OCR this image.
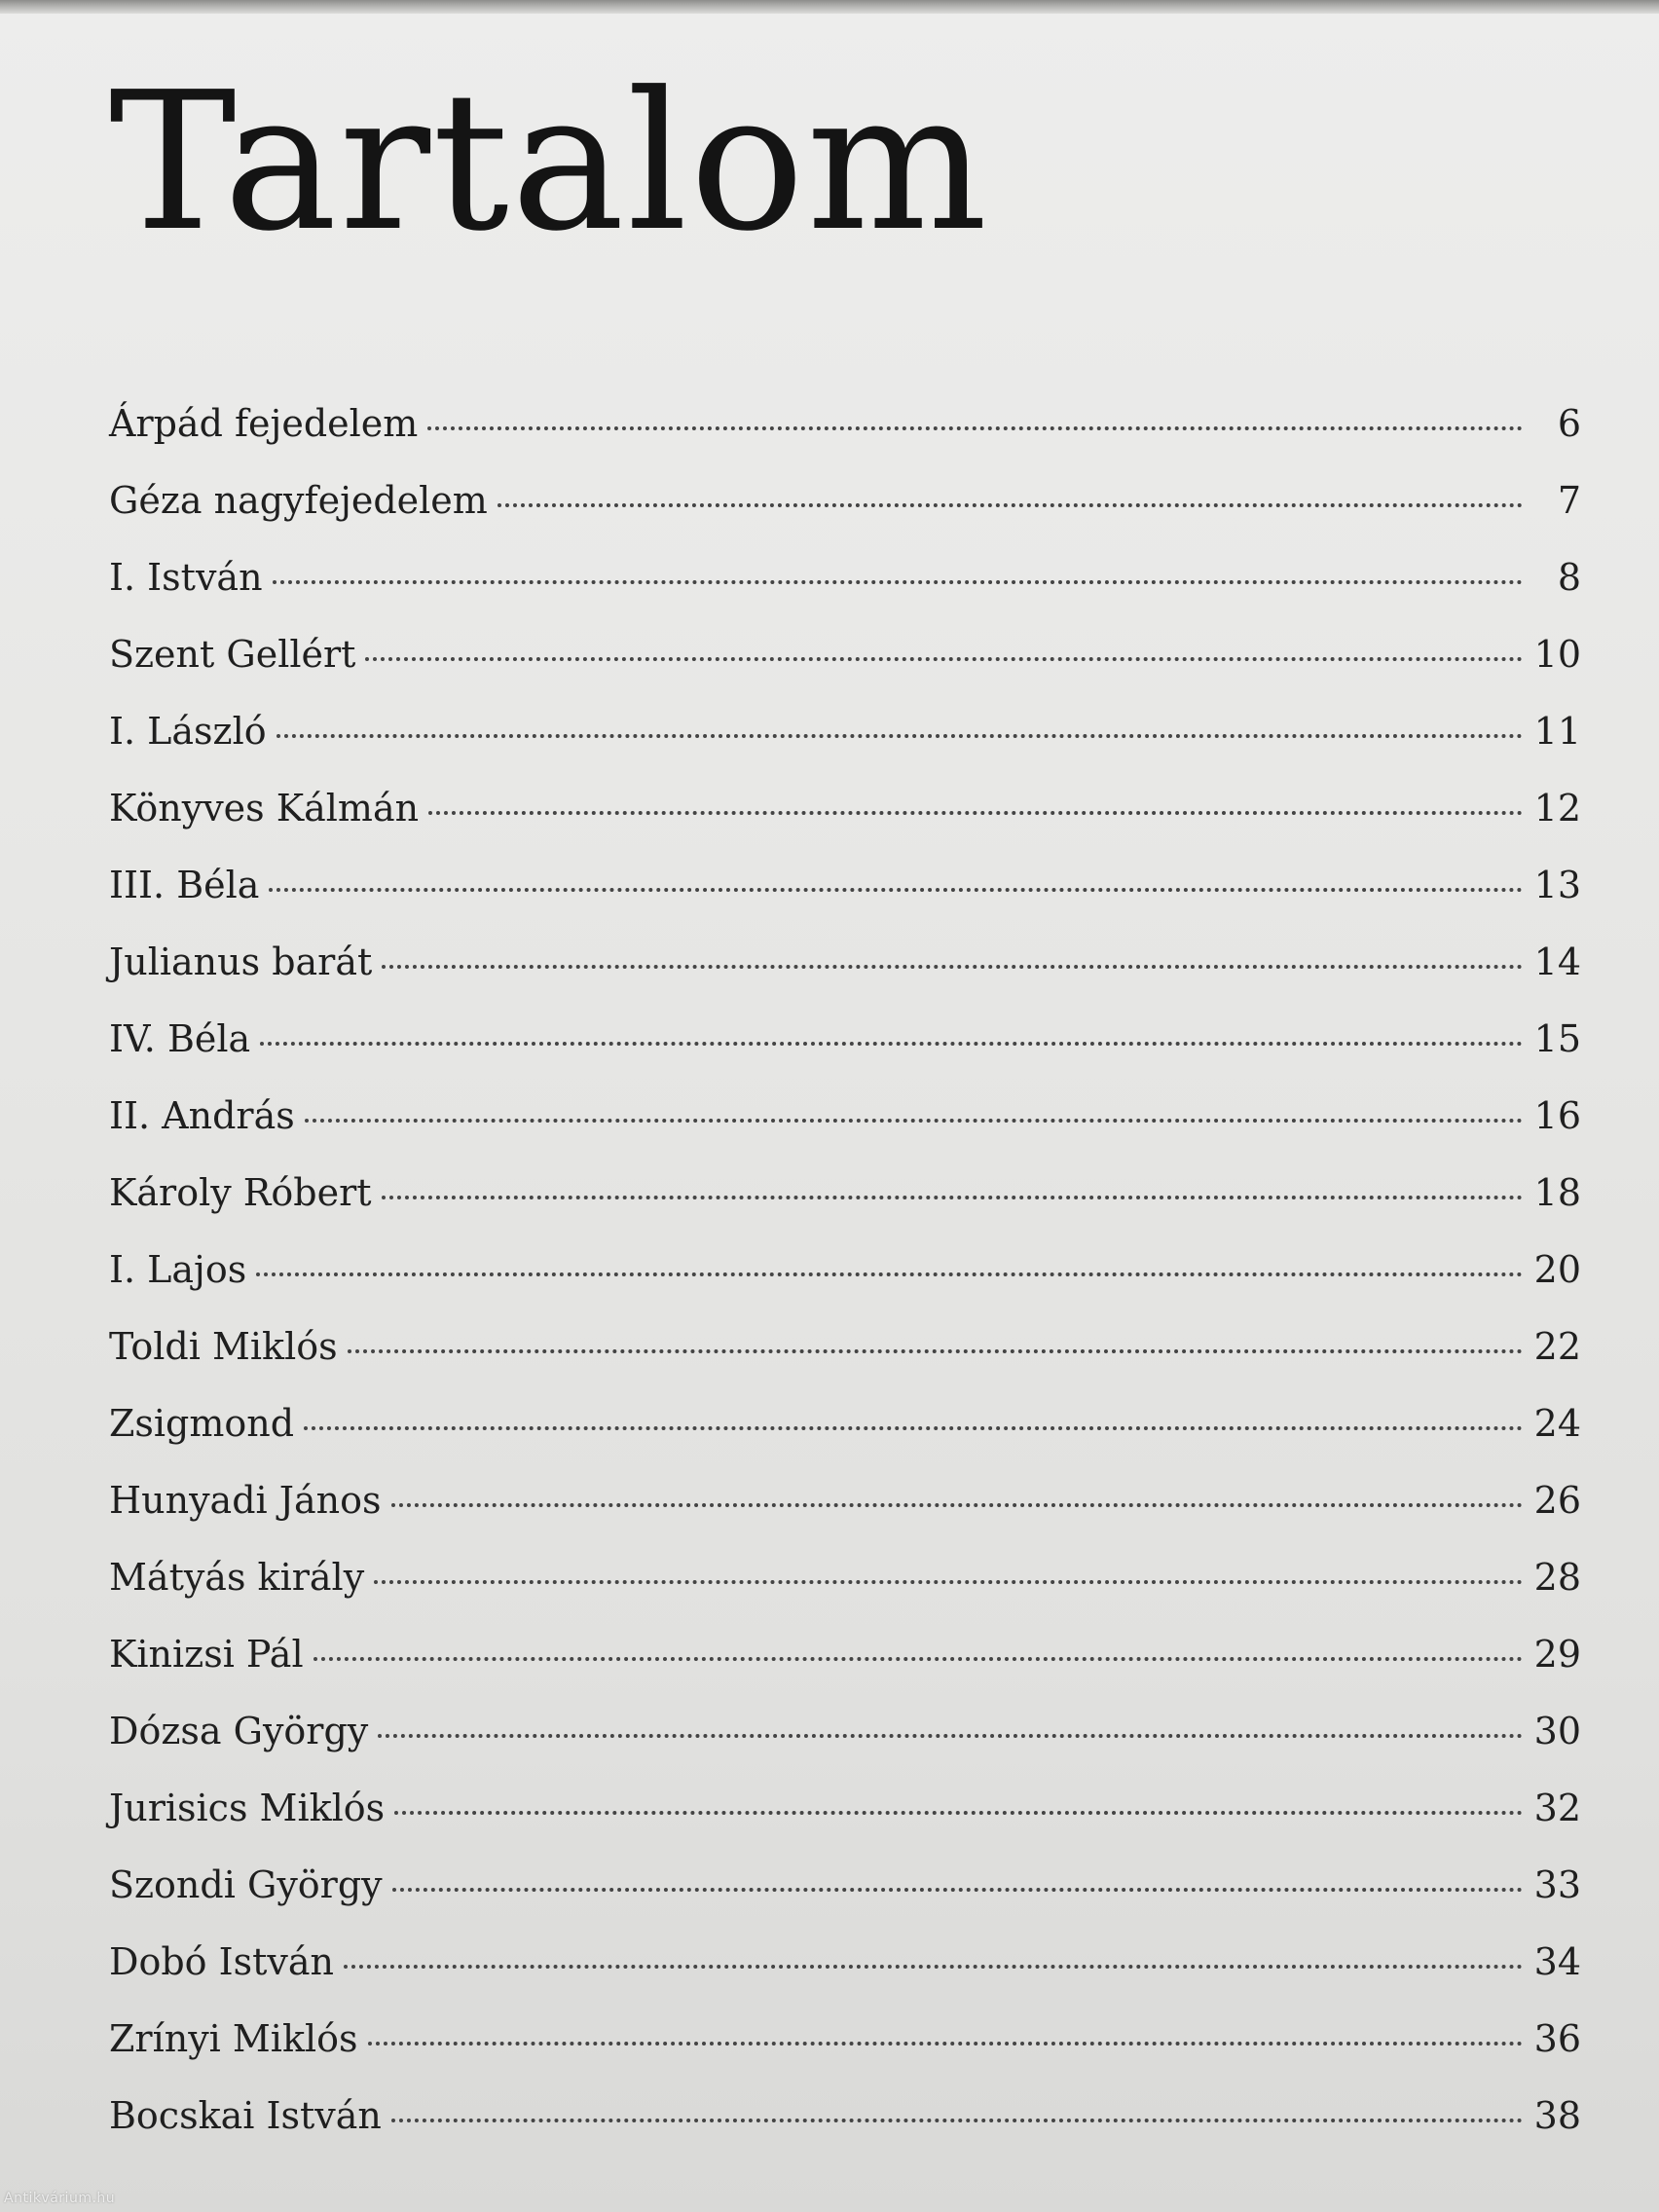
Tartalom
Árpád fejedelem	6
Géza nagyfejedelem	7
I. István	8
Szent Gellért	10
I. László	11
Könyves Kálmán	12
III. Béla	13
Julianus barát	14
IV. Béla	15
II. András	16
Károly Róbert	18
I. Lajos	20
Toldi Miklós	22
Zsigmond	24
Hunyadi János	26
Mátyás király	28
Kinizsi Pál	29
Dózsa György	30
Jurisics Miklós	32
Szondi György	33
Dobó István	34
Zrínyi Miklós	36
Bocskai István	38
Antikvárium.hu
